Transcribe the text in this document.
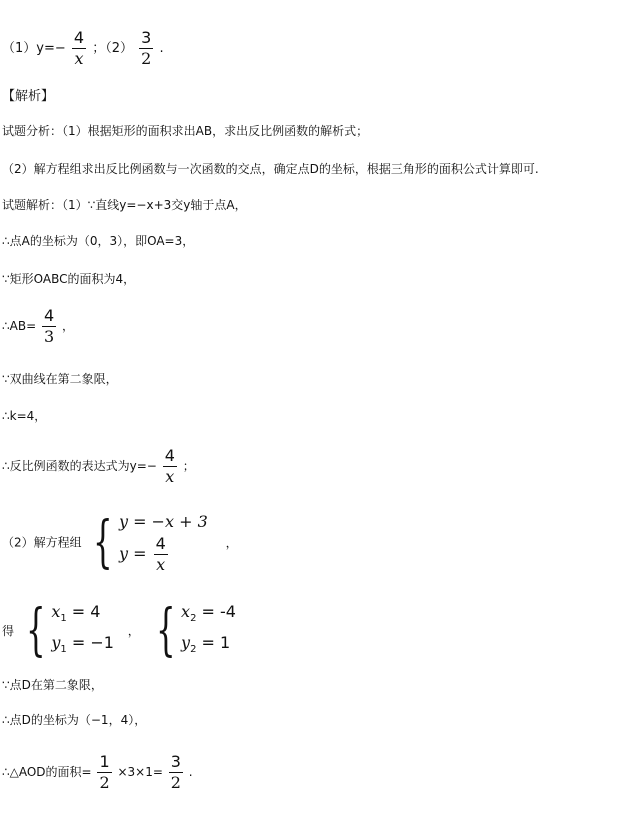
$(1)y=- \frac{4}{x}$ ；$(2) \frac{3}{2}$ .
【解析】
试题分析：（1）根据矩形的面积求出AB，求出反比例函数的解析式；
（2）解方程组求出反比例函数与一次函数的交点，确定点D的坐标，根据三角形的面积公式计算即可.
试题解析：（1）∵直线y=−x+3交y轴于点A，
∴点A的坐标为（0，3），即OA=3，
∵矩形OABC的面积为4，
∴AB= $\frac{4}{3}$ ，
∵双曲线在第二象限，
∴k=4，
∴反比例函数的表达式为$y=- \frac{4}{x}$ ；
（2）解方程组 { y = −x + 3
$y = \frac{4}{x}$	，
得 { $x_1 = 4$
$y_1 = -1$
， { $x_2 = -4$
$y_2 = 1$
∵点D在第二象限，
∴点D的坐标为（−1，4），
∴△AOD的面积= $\frac{1}{2} \times 3\times 1= \frac{3}{2}$ .
